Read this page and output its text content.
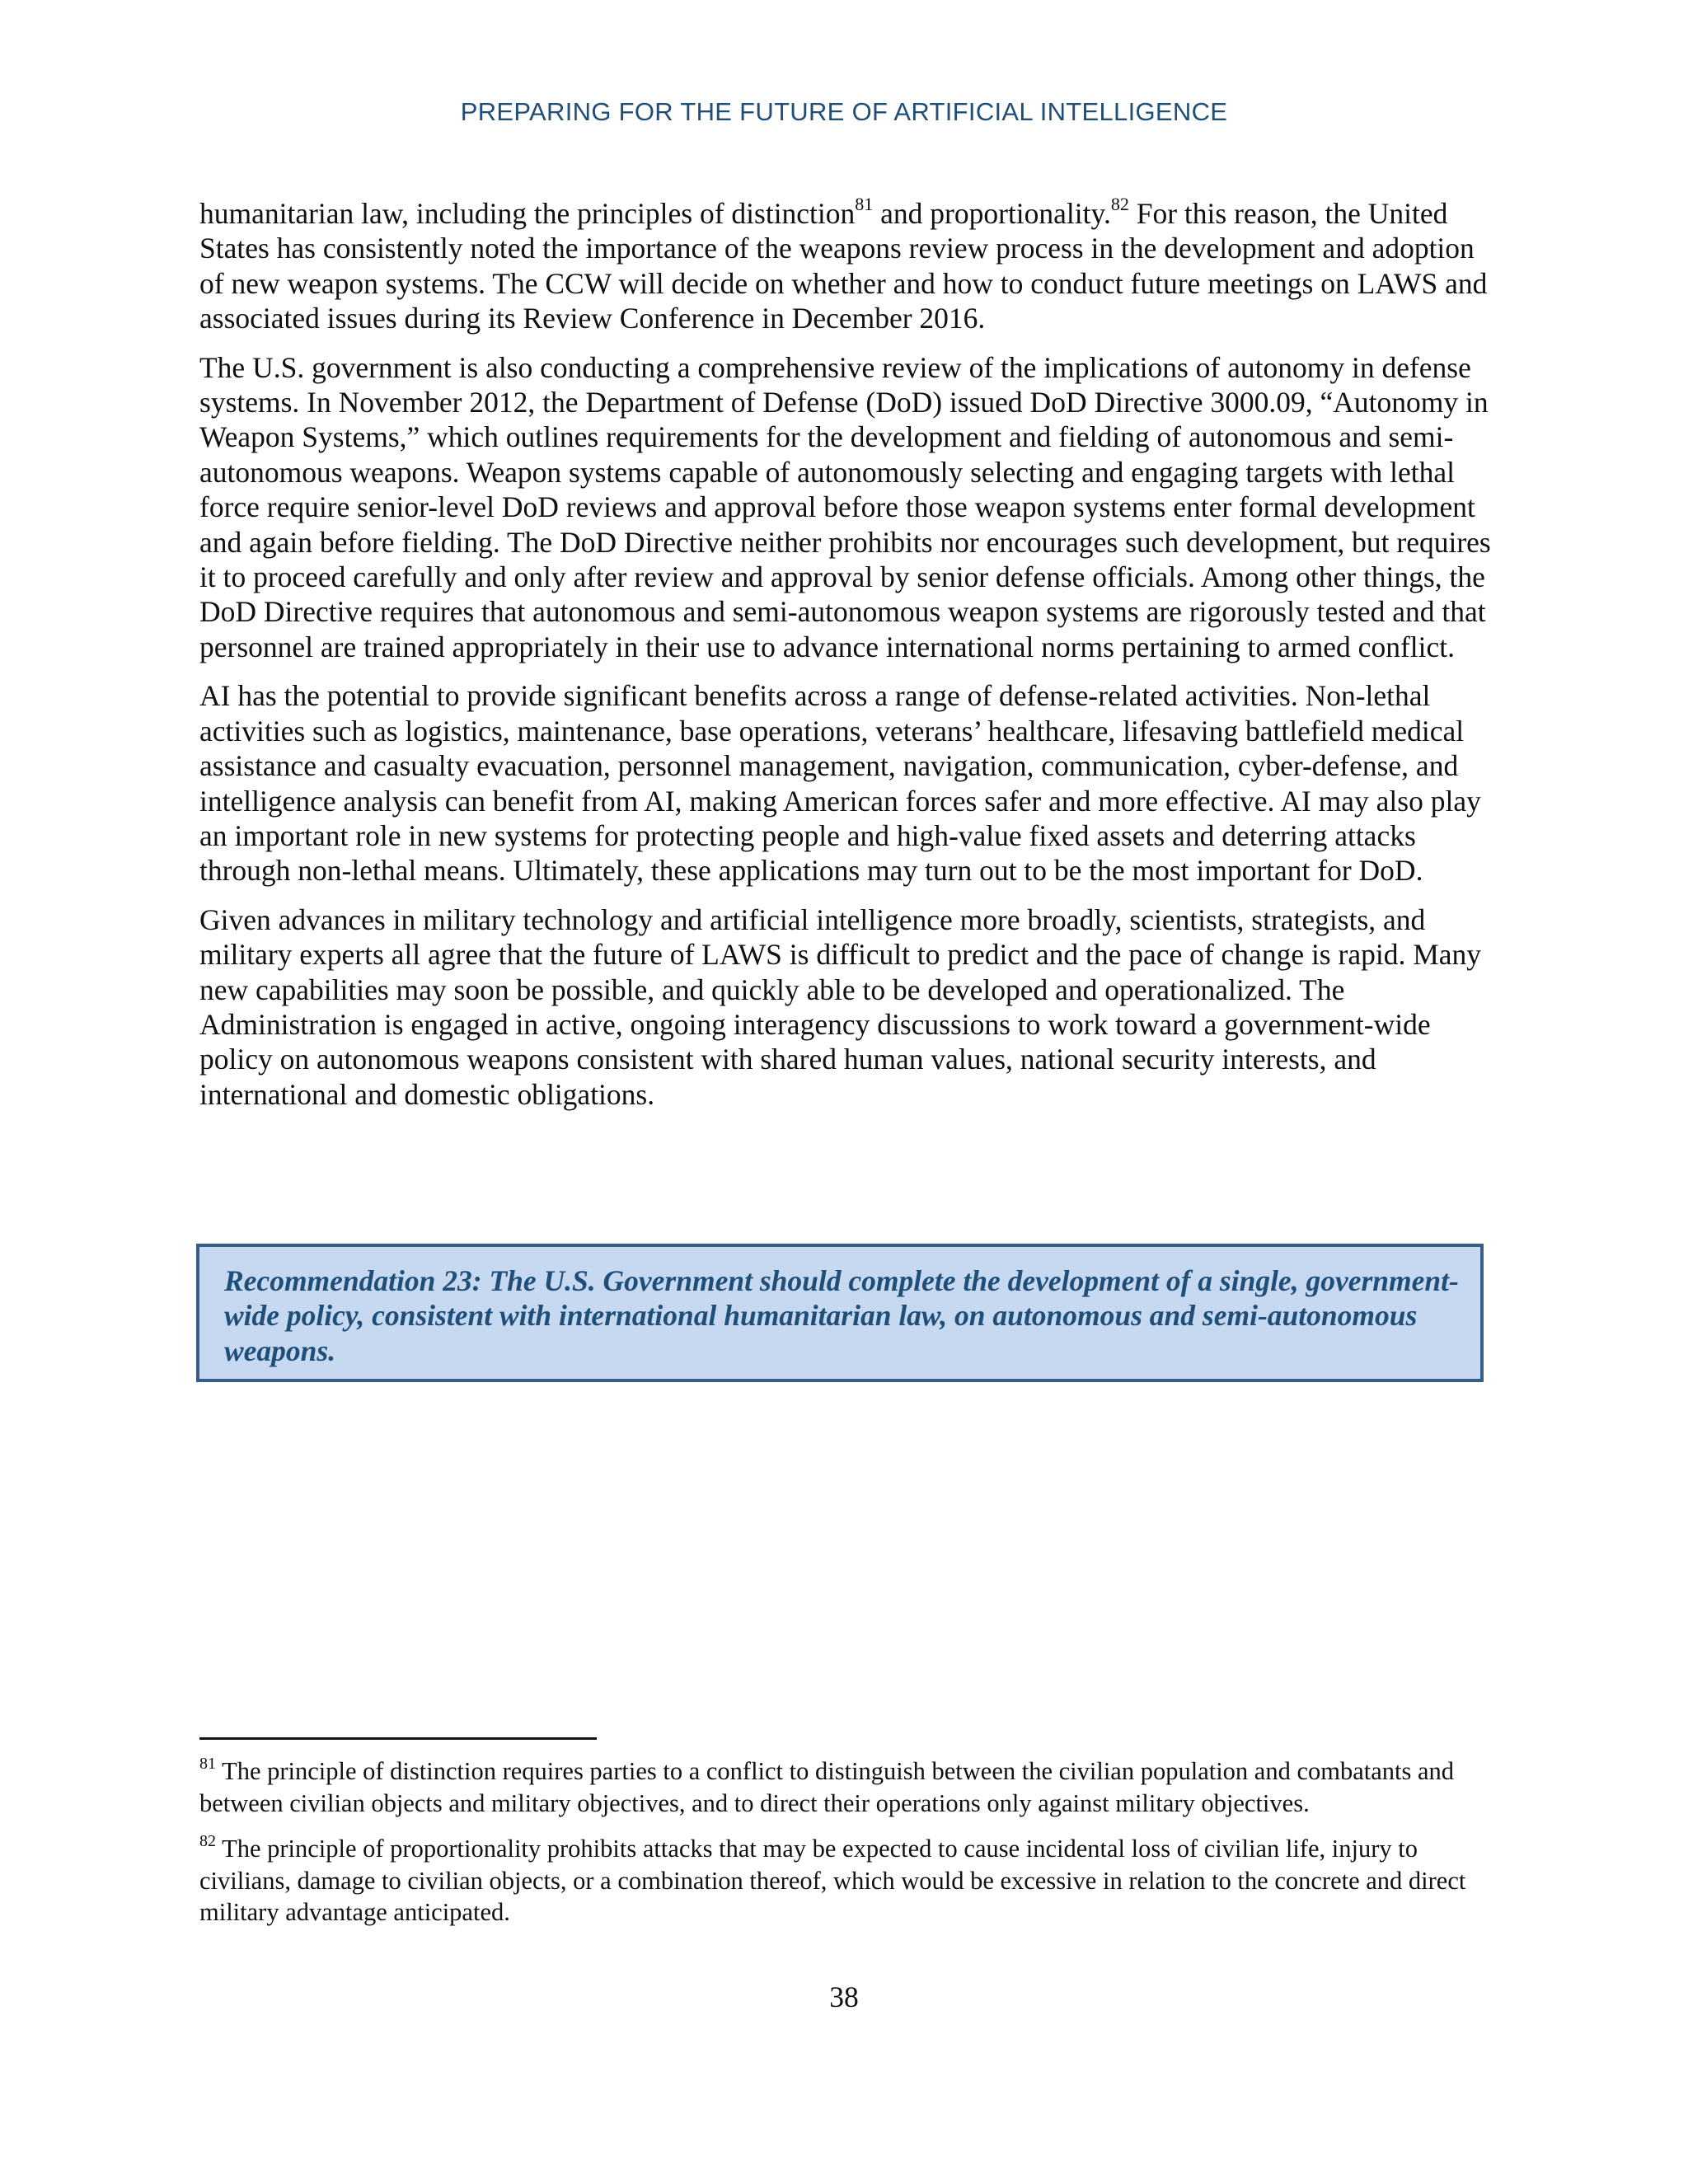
PREPARING FOR THE FUTURE OF ARTIFICIAL INTELLIGENCE

humanitarian law, including the principles of distinction$^{81}$ and proportionality.$^{82}$ For this reason, the United States has consistently noted the importance of the weapons review process in the development and adoption of new weapon systems. The CCW will decide on whether and how to conduct future meetings on LAWS and associated issues during its Review Conference in December 2016.

The U.S. government is also conducting a comprehensive review of the implications of autonomy in defense systems. In November 2012, the Department of Defense (DoD) issued DoD Directive 3000.09, “Autonomy in Weapon Systems,” which outlines requirements for the development and fielding of autonomous and semi-autonomous weapons. Weapon systems capable of autonomously selecting and engaging targets with lethal force require senior-level DoD reviews and approval before those weapon systems enter formal development and again before fielding. The DoD Directive neither prohibits nor encourages such development, but requires it to proceed carefully and only after review and approval by senior defense officials. Among other things, the DoD Directive requires that autonomous and semi-autonomous weapon systems are rigorously tested and that personnel are trained appropriately in their use to advance international norms pertaining to armed conflict.

AI has the potential to provide significant benefits across a range of defense-related activities. Non-lethal activities such as logistics, maintenance, base operations, veterans’ healthcare, lifesaving battlefield medical assistance and casualty evacuation, personnel management, navigation, communication, cyber-defense, and intelligence analysis can benefit from AI, making American forces safer and more effective. AI may also play an important role in new systems for protecting people and high-value fixed assets and deterring attacks through non-lethal means. Ultimately, these applications may turn out to be the most important for DoD.

Given advances in military technology and artificial intelligence more broadly, scientists, strategists, and military experts all agree that the future of LAWS is difficult to predict and the pace of change is rapid. Many new capabilities may soon be possible, and quickly able to be developed and operationalized. The Administration is engaged in active, ongoing interagency discussions to work toward a government-wide policy on autonomous weapons consistent with shared human values, national security interests, and international and domestic obligations.

Recommendation 23: The U.S. Government should complete the development of a single, government-wide policy, consistent with international humanitarian law, on autonomous and semi-autonomous weapons.

$^{81}$ The principle of distinction requires parties to a conflict to distinguish between the civilian population and combatants and between civilian objects and military objectives, and to direct their operations only against military objectives.

$^{82}$ The principle of proportionality prohibits attacks that may be expected to cause incidental loss of civilian life, injury to civilians, damage to civilian objects, or a combination thereof, which would be excessive in relation to the concrete and direct military advantage anticipated.

38
